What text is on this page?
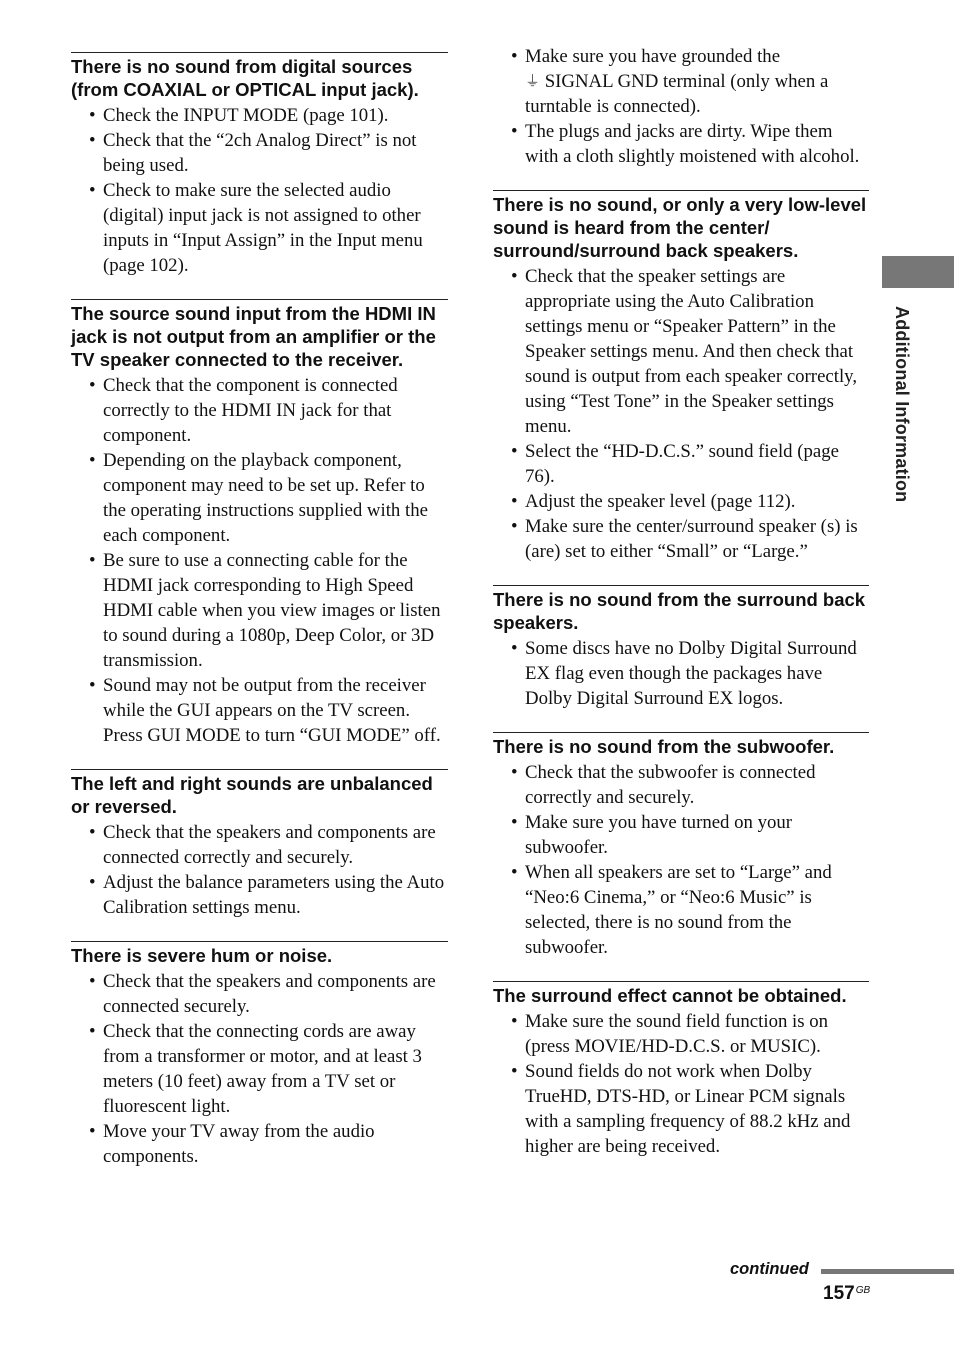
There is no sound from digital sources (from COAXIAL or OPTICAL input jack).
• Check the INPUT MODE (page 101).
• Check that the “2ch Analog Direct” is not being used.
• Check to make sure the selected audio (digital) input jack is not assigned to other inputs in “Input Assign” in the Input menu (page 102).
The source sound input from the HDMI IN jack is not output from an amplifier or the TV speaker connected to the receiver.
• Check that the component is connected correctly to the HDMI IN jack for that component.
• Depending on the playback component, component may need to be set up. Refer to the operating instructions supplied with the each component.
• Be sure to use a connecting cable for the HDMI jack corresponding to High Speed HDMI cable when you view images or listen to sound during a 1080p, Deep Color, or 3D transmission.
• Sound may not be output from the receiver while the GUI appears on the TV screen. Press GUI MODE to turn “GUI MODE” off.
The left and right sounds are unbalanced or reversed.
• Check that the speakers and components are connected correctly and securely.
• Adjust the balance parameters using the Auto Calibration settings menu.
There is severe hum or noise.
• Check that the speakers and components are connected securely.
• Check that the connecting cords are away from a transformer or motor, and at least 3 meters (10 feet) away from a TV set or fluorescent light.
• Move your TV away from the audio components.
• Make sure you have grounded the
⏚ SIGNAL GND terminal (only when a turntable is connected).
• The plugs and jacks are dirty. Wipe them with a cloth slightly moistened with alcohol.
There is no sound, or only a very low-level sound is heard from the center/ surround/surround back speakers.
• Check that the speaker settings are appropriate using the Auto Calibration settings menu or “Speaker Pattern” in the Speaker settings menu. And then check that sound is output from each speaker correctly, using “Test Tone” in the Speaker settings menu.
• Select the “HD-D.C.S.” sound field (page 76).
• Adjust the speaker level (page 112).
• Make sure the center/surround speaker (s) is (are) set to either “Small” or “Large.”
There is no sound from the surround back speakers.
• Some discs have no Dolby Digital Surround EX flag even though the packages have Dolby Digital Surround EX logos.
There is no sound from the subwoofer.
• Check that the subwoofer is connected correctly and securely.
• Make sure you have turned on your subwoofer.
• When all speakers are set to “Large” and “Neo:6 Cinema,” or “Neo:6 Music” is selected, there is no sound from the subwoofer.
The surround effect cannot be obtained.
• Make sure the sound field function is on (press MOVIE/HD-D.C.S. or MUSIC).
• Sound fields do not work when Dolby TrueHD, DTS-HD, or Linear PCM signals with a sampling frequency of 88.2 kHz and higher are being received.
Additional Information
continued
$157^{GB}$
